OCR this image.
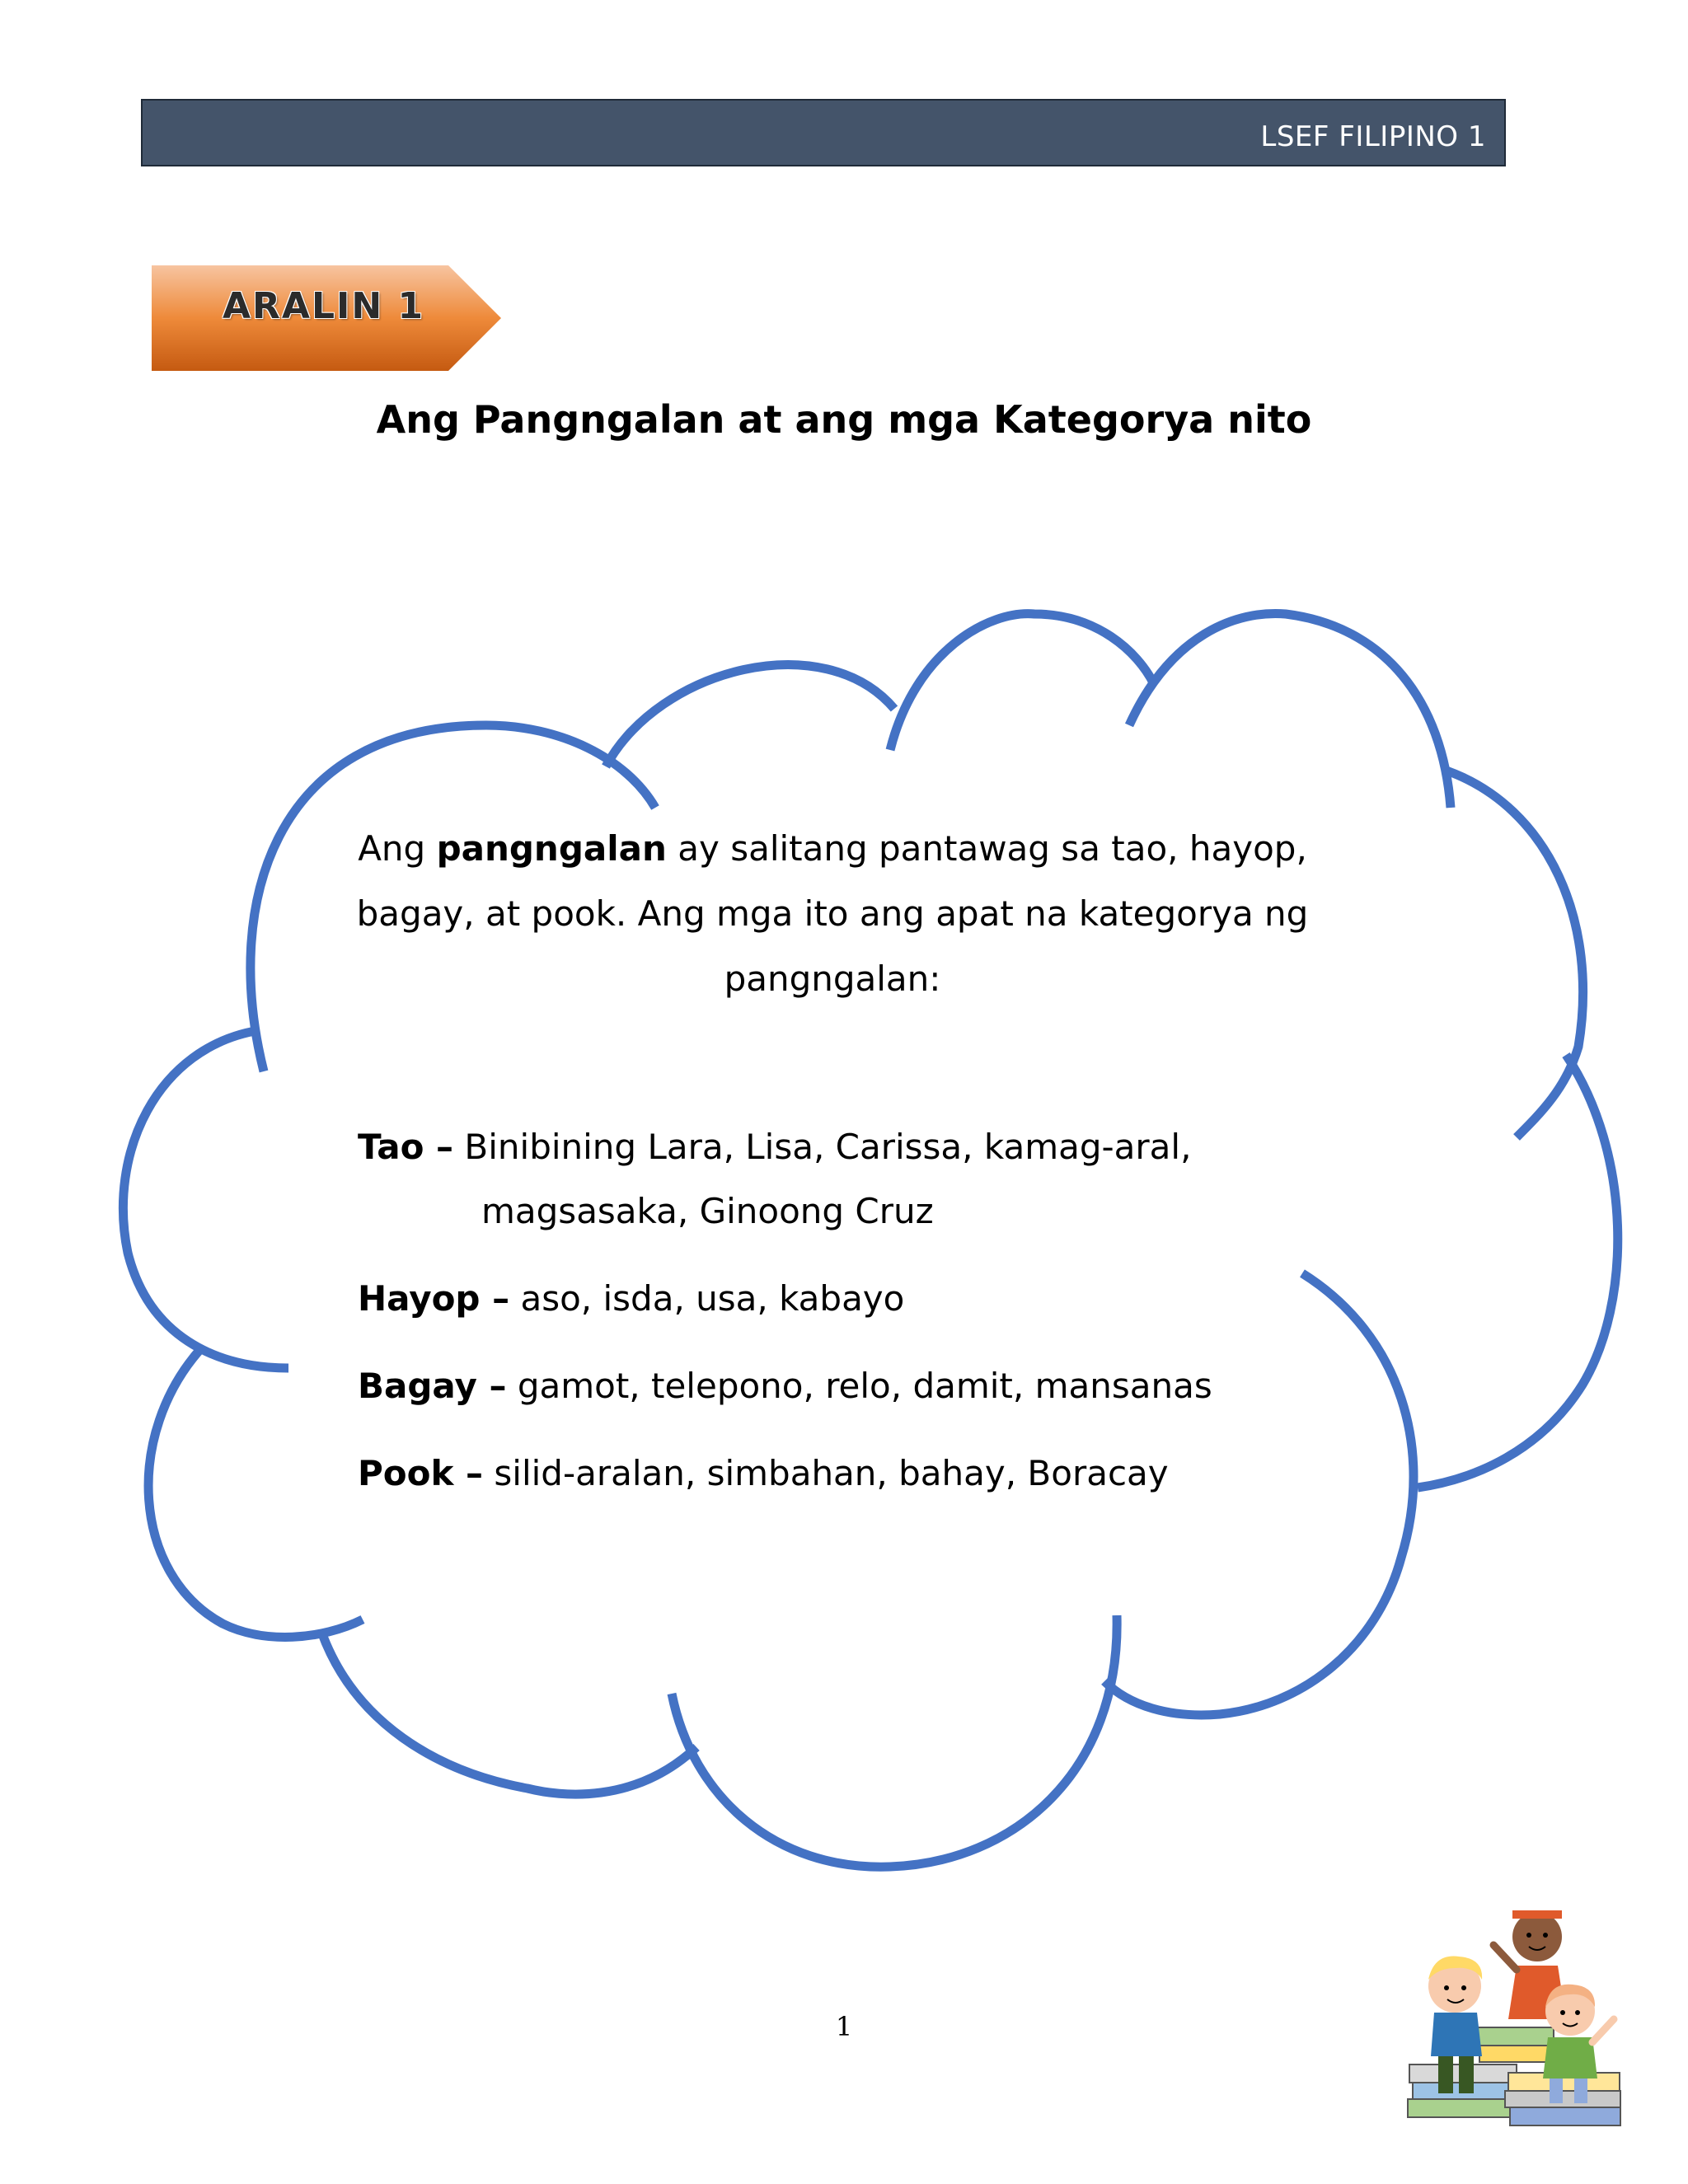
LSEF FILIPINO 1
ARALIN 1
Ang Pangngalan at ang mga Kategorya nito
Ang pangngalan ay salitang pantawag sa tao, hayop, bagay, at pook. Ang mga ito ang apat na kategorya ng pangngalan:
Tao – Binibining Lara, Lisa, Carissa, kamag-aral,
magsasaka, Ginoong Cruz
Hayop – aso, isda, usa, kabayo
Bagay – gamot, telepono, relo, damit, mansanas
Pook – silid-aralan, simbahan, bahay, Boracay
1
